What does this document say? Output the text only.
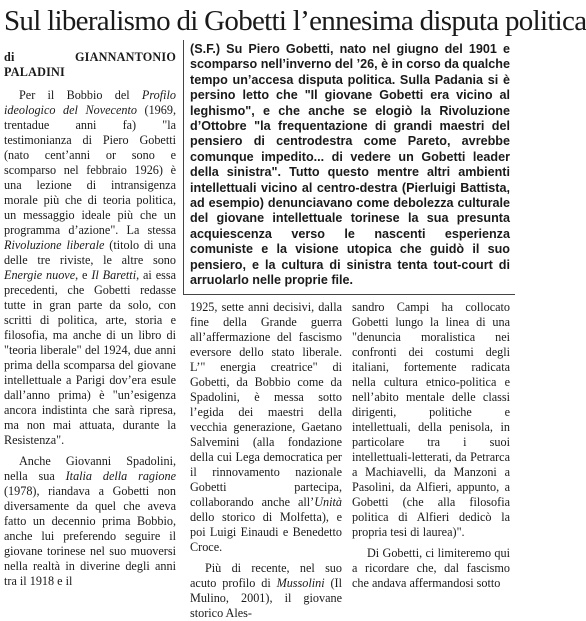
Sul liberalismo di Gobetti l’ennesima disputa politica

(S.F.) Su Piero Gobetti, nato nel giugno del 1901 e scomparso nell’inverno del ’26, è in corso da qualche tempo un’accesa disputa politica. Sulla Padania si è persino letto che "Il giovane Gobetti era vicino al leghismo", e che anche se elogiò la Rivoluzione d’Ottobre "la frequentazione di grandi maestri del pensiero di centrodestra come Pareto, avrebbe comunque impedito... di vedere un Gobetti leader della sinistra". Tutto questo mentre altri ambienti intellettuali vicino al centro-destra (Pierluigi Battista, ad esempio) denunciavano come debolezza culturale del giovane intellettuale torinese la sua presunta acquiescenza verso le nascenti esperienza comuniste e la visione utopica che guidò il suo pensiero, e la cultura di sinistra tenta tout-court di arruolarlo nelle proprie file.

di GIANNANTONIO PALADINI

Per il Bobbio del Profilo ideologico del Novecento (1969, trentadue anni fa) "la testimonianza di Piero Gobetti (nato cent’anni or sono e scomparso nel febbraio 1926) è una lezione di intransigenza morale più che di teoria politica, un messaggio ideale più che un programma d’azione". La stessa Rivoluzione liberale (titolo di una delle tre riviste, le altre sono Energie nuove, e Il Baretti, ai essa precedenti, che Gobetti redasse tutte in gran parte da solo, con scritti di politica, arte, storia e filosofia, ma anche di un libro di "teoria liberale" del 1924, due anni prima della scomparsa del giovane intellettuale a Parigi dov’era esule dall’anno prima) è "un’esigenza ancora indistinta che sarà ripresa, ma non mai attuata, durante la Resistenza".

Anche Giovanni Spadolini, nella sua Italia della ragione (1978), riandava a Gobetti non diversamente da quel che aveva fatto un decennio prima Bobbio, anche lui preferendo seguire il giovane torinese nel suo muoversi nella realtà in diverine degli anni tra il 1918 e il

1925, sette anni decisivi, dalla fine della Grande guerra all’affermazione del fascismo eversore dello stato liberale. L’" energia creatrice" di Gobetti, da Bobbio come da Spadolini, è messa sotto l’egida dei maestri della vecchia generazione, Gaetano Salvemini (alla fondazione della cui Lega democratica per il rinnovamento nazionale Gobetti partecipa, collaborando anche all’Unità dello storico di Molfetta), e poi Luigi Einaudi e Benedetto Croce.

Più di recente, nel suo acuto profilo di Mussolini (Il Mulino, 2001), il giovane storico Ales-

sandro Campi ha collocato Gobetti lungo la linea di una "denuncia moralistica nei confronti dei costumi degli italiani, fortemente radicata nella cultura etnico-politica e nell’abito mentale delle classi dirigenti, politiche e intellettuali, della penisola, in particolare tra i suoi intellettuali-letterati, da Petrarca a Machiavelli, da Manzoni a Pasolini, da Alfieri, appunto, a Gobetti (che alla filosofia politica di Alfieri dedicò la propria tesi di laurea)".

Di Gobetti, ci limiteremo qui a ricordare che, dal fascismo che andava affermandosi sotto
